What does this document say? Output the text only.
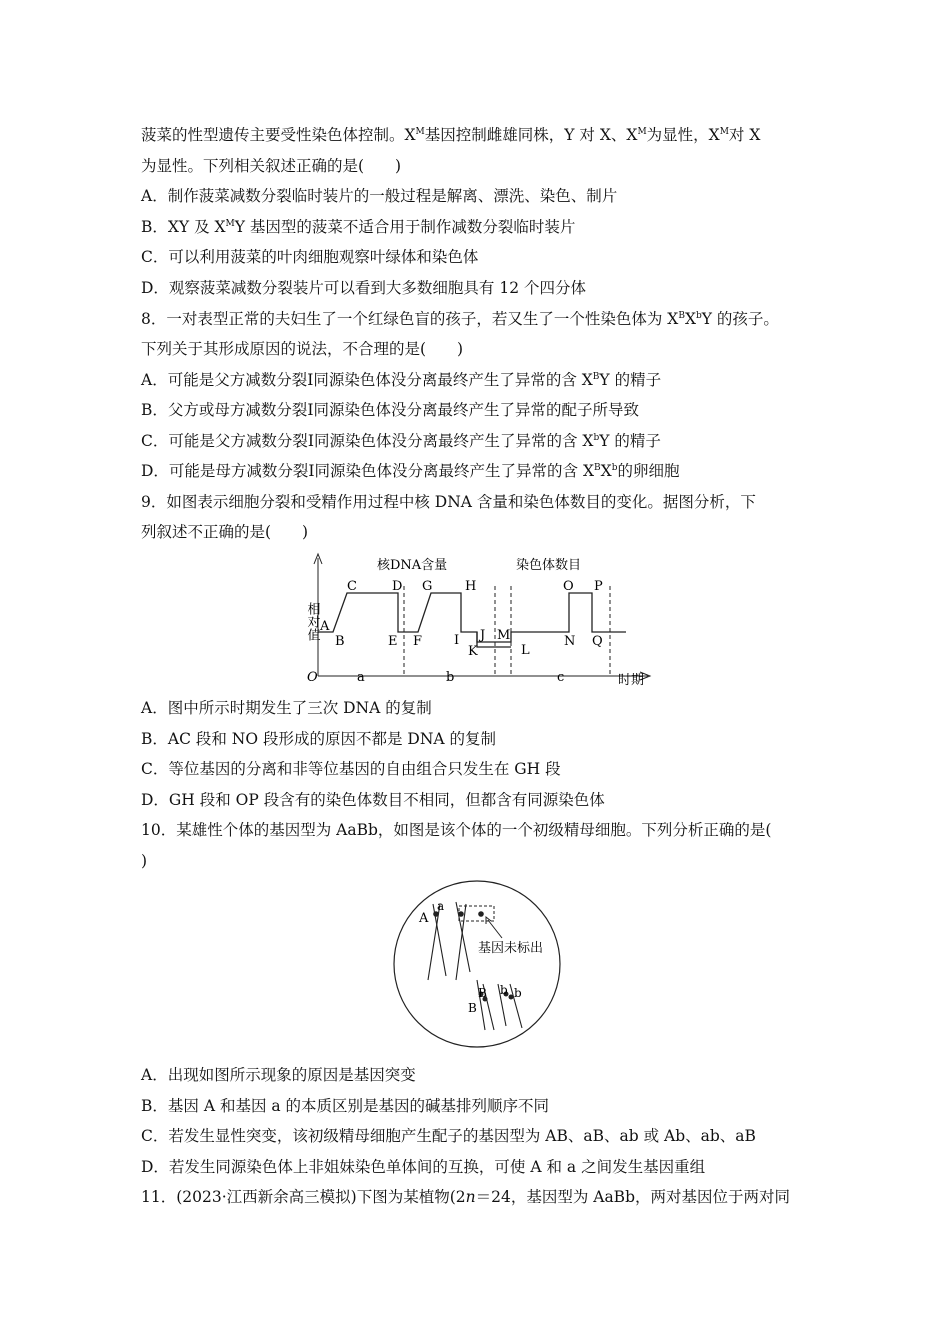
菠菜的性型遗传主要受性染色体控制。$X^M$基因控制雌雄同株，Y 对 X、$X^M$为显性，$X^M$对 X
为显性。下列相关叙述正确的是(　　)
A．制作菠菜减数分裂临时装片的一般过程是解离、漂洗、染色、制片
B．XY 及 $X^MY$ 基因型的菠菜不适合用于制作减数分裂临时装片
C．可以利用菠菜的叶肉细胞观察叶绿体和染色体
D．观察菠菜减数分裂装片可以看到大多数细胞具有 12 个四分体
8．一对表型正常的夫妇生了一个红绿色盲的孩子，若又生了一个性染色体为 $X^BX^bY$ 的孩子。
下列关于其形成原因的说法，不合理的是(　　)
A．可能是父方减数分裂Ⅰ同源染色体没分离最终产生了异常的含 $X^BY$ 的精子
B．父方或母方减数分裂Ⅰ同源染色体没分离最终产生了异常的配子所导致
C．可能是父方减数分裂Ⅰ同源染色体没分离最终产生了异常的含 $X^bY$ 的精子
D．可能是母方减数分裂Ⅰ同源染色体没分离最终产生了异常的含 $X^BX^b$的卵细胞
9．如图表示细胞分裂和受精作用过程中核 DNA 含量和染色体数目的变化。据图分析，下
列叙述不正确的是(　　)
核DNA含量	染色体数目
相对值
时期
O
A
B
C	D
E F
G	H
I J
K
M
L
O P
N Q
a	b	c
A．图中所示时期发生了三次 DNA 的复制
B．AC 段和 NO 段形成的原因不都是 DNA 的复制
C．等位基因的分离和非等位基因的自由组合只发生在 GH 段
D．GH 段和 OP 段含有的染色体数目不相同，但都含有同源染色体
10．某雄性个体的基因型为 AaBb，如图是该个体的一个初级精母细胞。下列分析正确的是(
)
A
a
基因未标出
B
B
b b
A．出现如图所示现象的原因是基因突变
B．基因 A 和基因 a 的本质区别是基因的碱基排列顺序不同
C．若发生显性突变，该初级精母细胞产生配子的基因型为 AB、aB、ab 或 Ab、ab、aB
D．若发生同源染色体上非姐妹染色单体间的互换，可使 A 和 a 之间发生基因重组
11．(2023·江西新余高三模拟)下图为某植物(2n＝24，基因型为 AaBb，两对基因位于两对同
